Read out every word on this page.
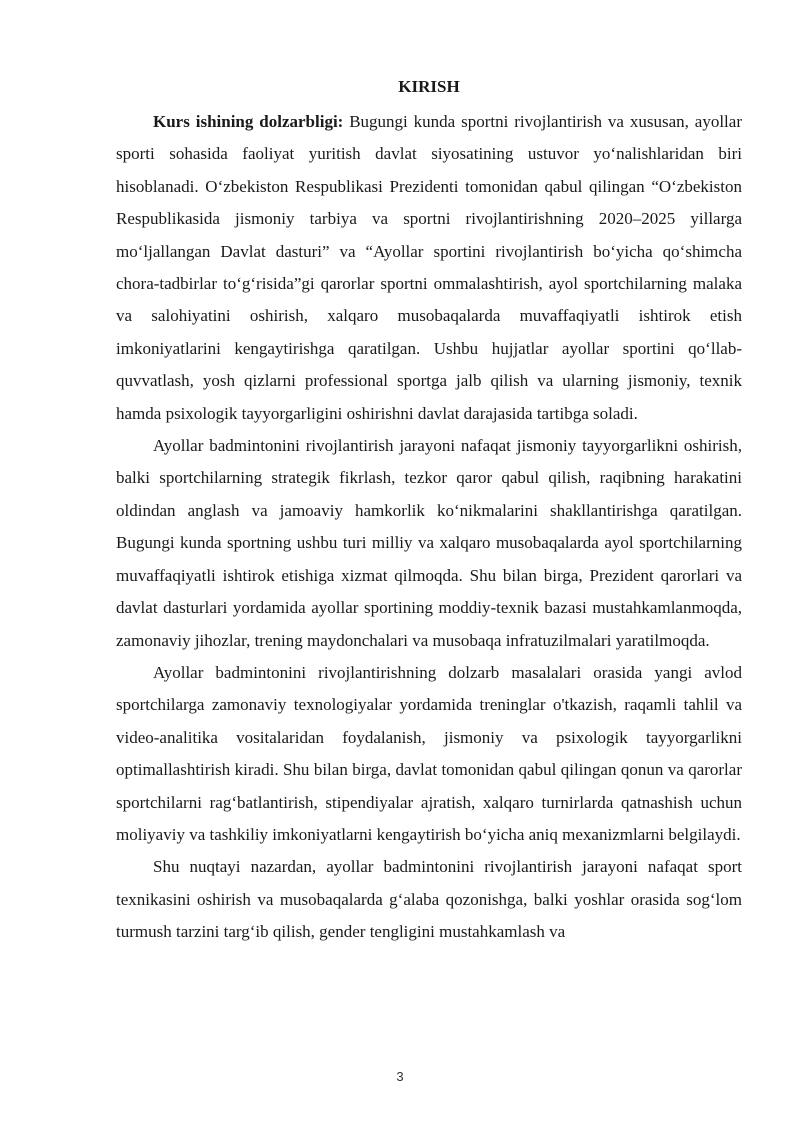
KIRISH

Kurs ishining dolzarbligi: Bugungi kunda sportni rivojlantirish va xususan, ayollar sporti sohasida faoliyat yuritish davlat siyosatining ustuvor yo‘nalishlaridan biri hisoblanadi. O‘zbekiston Respublikasi Prezidenti tomonidan qabul qilingan “O‘zbekiston Respublikasida jismoniy tarbiya va sportni rivojlantirishning 2020–2025 yillarga mo‘ljallangan Davlat dasturi” va “Ayollar sportini rivojlantirish bo‘yicha qo‘shimcha chora-tadbirlar to‘g‘risida”gi qarorlar sportni ommalashtirish, ayol sportchilarning malaka va salohiyatini oshirish, xalqaro musobaqalarda muvaffaqiyatli ishtirok etish imkoniyatlarini kengaytirishga qaratilgan. Ushbu hujjatlar ayollar sportini qo‘llab-quvvatlash, yosh qizlarni professional sportga jalb qilish va ularning jismoniy, texnik hamda psixologik tayyorgarligini oshirishni davlat darajasida tartibga soladi.

Ayollar badmintonini rivojlantirish jarayoni nafaqat jismoniy tayyorgarlikni oshirish, balki sportchilarning strategik fikrlash, tezkor qaror qabul qilish, raqibning harakatini oldindan anglash va jamoaviy hamkorlik ko‘nikmalarini shakllantirishga qaratilgan. Bugungi kunda sportning ushbu turi milliy va xalqaro musobaqalarda ayol sportchilarning muvaffaqiyatli ishtirok etishiga xizmat qilmoqda. Shu bilan birga, Prezident qarorlari va davlat dasturlari yordamida ayollar sportining moddiy-texnik bazasi mustahkamlanmoqda, zamonaviy jihozlar, trening maydonchalari va musobaqa infratuzilmalari yaratilmoqda.

Ayollar badmintonini rivojlantirishning dolzarb masalalari orasida yangi avlod sportchilarga zamonaviy texnologiyalar yordamida treninglar o'tkazish, raqamli tahlil va video-analitika vositalaridan foydalanish, jismoniy va psixologik tayyorgarlikni optimallashtirish kiradi. Shu bilan birga, davlat tomonidan qabul qilingan qonun va qarorlar sportchilarni rag‘batlantirish, stipendiyalar ajratish, xalqaro turnirlarda qatnashish uchun moliyaviy va tashkiliy imkoniyatlarni kengaytirish bo‘yicha aniq mexanizmlarni belgilaydi.

Shu nuqtayi nazardan, ayollar badmintonini rivojlantirish jarayoni nafaqat sport texnikasini oshirish va musobaqalarda g‘alaba qozonishga, balki yoshlar orasida sog‘lom turmush tarzini targ‘ib qilish, gender tengligini mustahkamlash va

3
